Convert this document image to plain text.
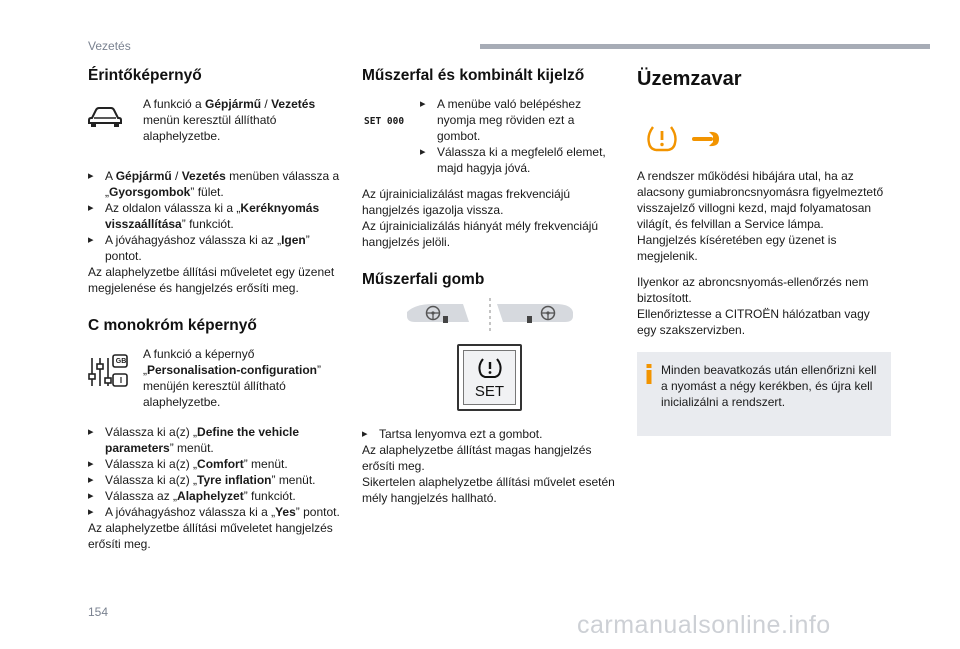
Vezetés
Érintőképernyő

A funkció a Gépjármű / Vezetés menün keresztül állítható alaphelyzetbe.

▸ A Gépjármű / Vezetés menüben válassza a „Gyorsgombok” fület.

▸ Az oldalon válassza ki a „Keréknyomás visszaállítása” funkciót.

▸ A jóváhagyáshoz válassza ki az „Igen” pontot.

Az alaphelyzetbe állítási műveletet egy üzenet megjelenése és hangjelzés erősíti meg.

C monokróm képernyő
GB
I

A funkció a képernyő „Personalisation-configuration” menüjén keresztül állítható alaphelyzetbe.

▸ Válassza ki a(z) „Define the vehicle parameters” menüt.

▸ Válassza ki a(z) „Comfort” menüt.

▸ Válassza ki a(z) „Tyre inflation” menüt.

▸ Válassza az „Alaphelyzet” funkciót.

▸ A jóváhagyáshoz válassza ki a „Yes” pontot.

Az alaphelyzetbe állítási műveletet hangjelzés erősíti meg.

Műszerfal és kombinált kijelző
SET 000

▸ A menübe való belépéshez nyomja meg röviden ezt a gombot.

▸ Válassza ki a megfelelő elemet, majd hagyja jóvá.

Az újrainicializálást magas frekvenciájú hangjelzés igazolja vissza.

Az újrainicializálás hiányát mély frekvenciájú hangjelzés jelöli.

Műszerfali gomb
SET

▸ Tartsa lenyomva ezt a gombot.

Az alaphelyzetbe állítást magas hangjelzés erősíti meg.

Sikertelen alaphelyzetbe állítási művelet esetén mély hangjelzés hallható.

Üzemzavar

A rendszer működési hibájára utal, ha az alacsony gumiabroncsnyomásra figyelmeztető visszajelző villogni kezd, majd folyamatosan világít, és felvillan a Service lámpa.

Hangjelzés kíséretében egy üzenet is megjelenik.

Ilyenkor az abroncsnyomás-ellenőrzés nem biztosított.

Ellenőriztesse a CITROËN hálózatban vagy egy szakszervizben.

Minden beavatkozás után ellenőrizni kell a nyomást a négy kerékben, és újra kell inicializálni a rendszert.

154	carmanualsonline.info
